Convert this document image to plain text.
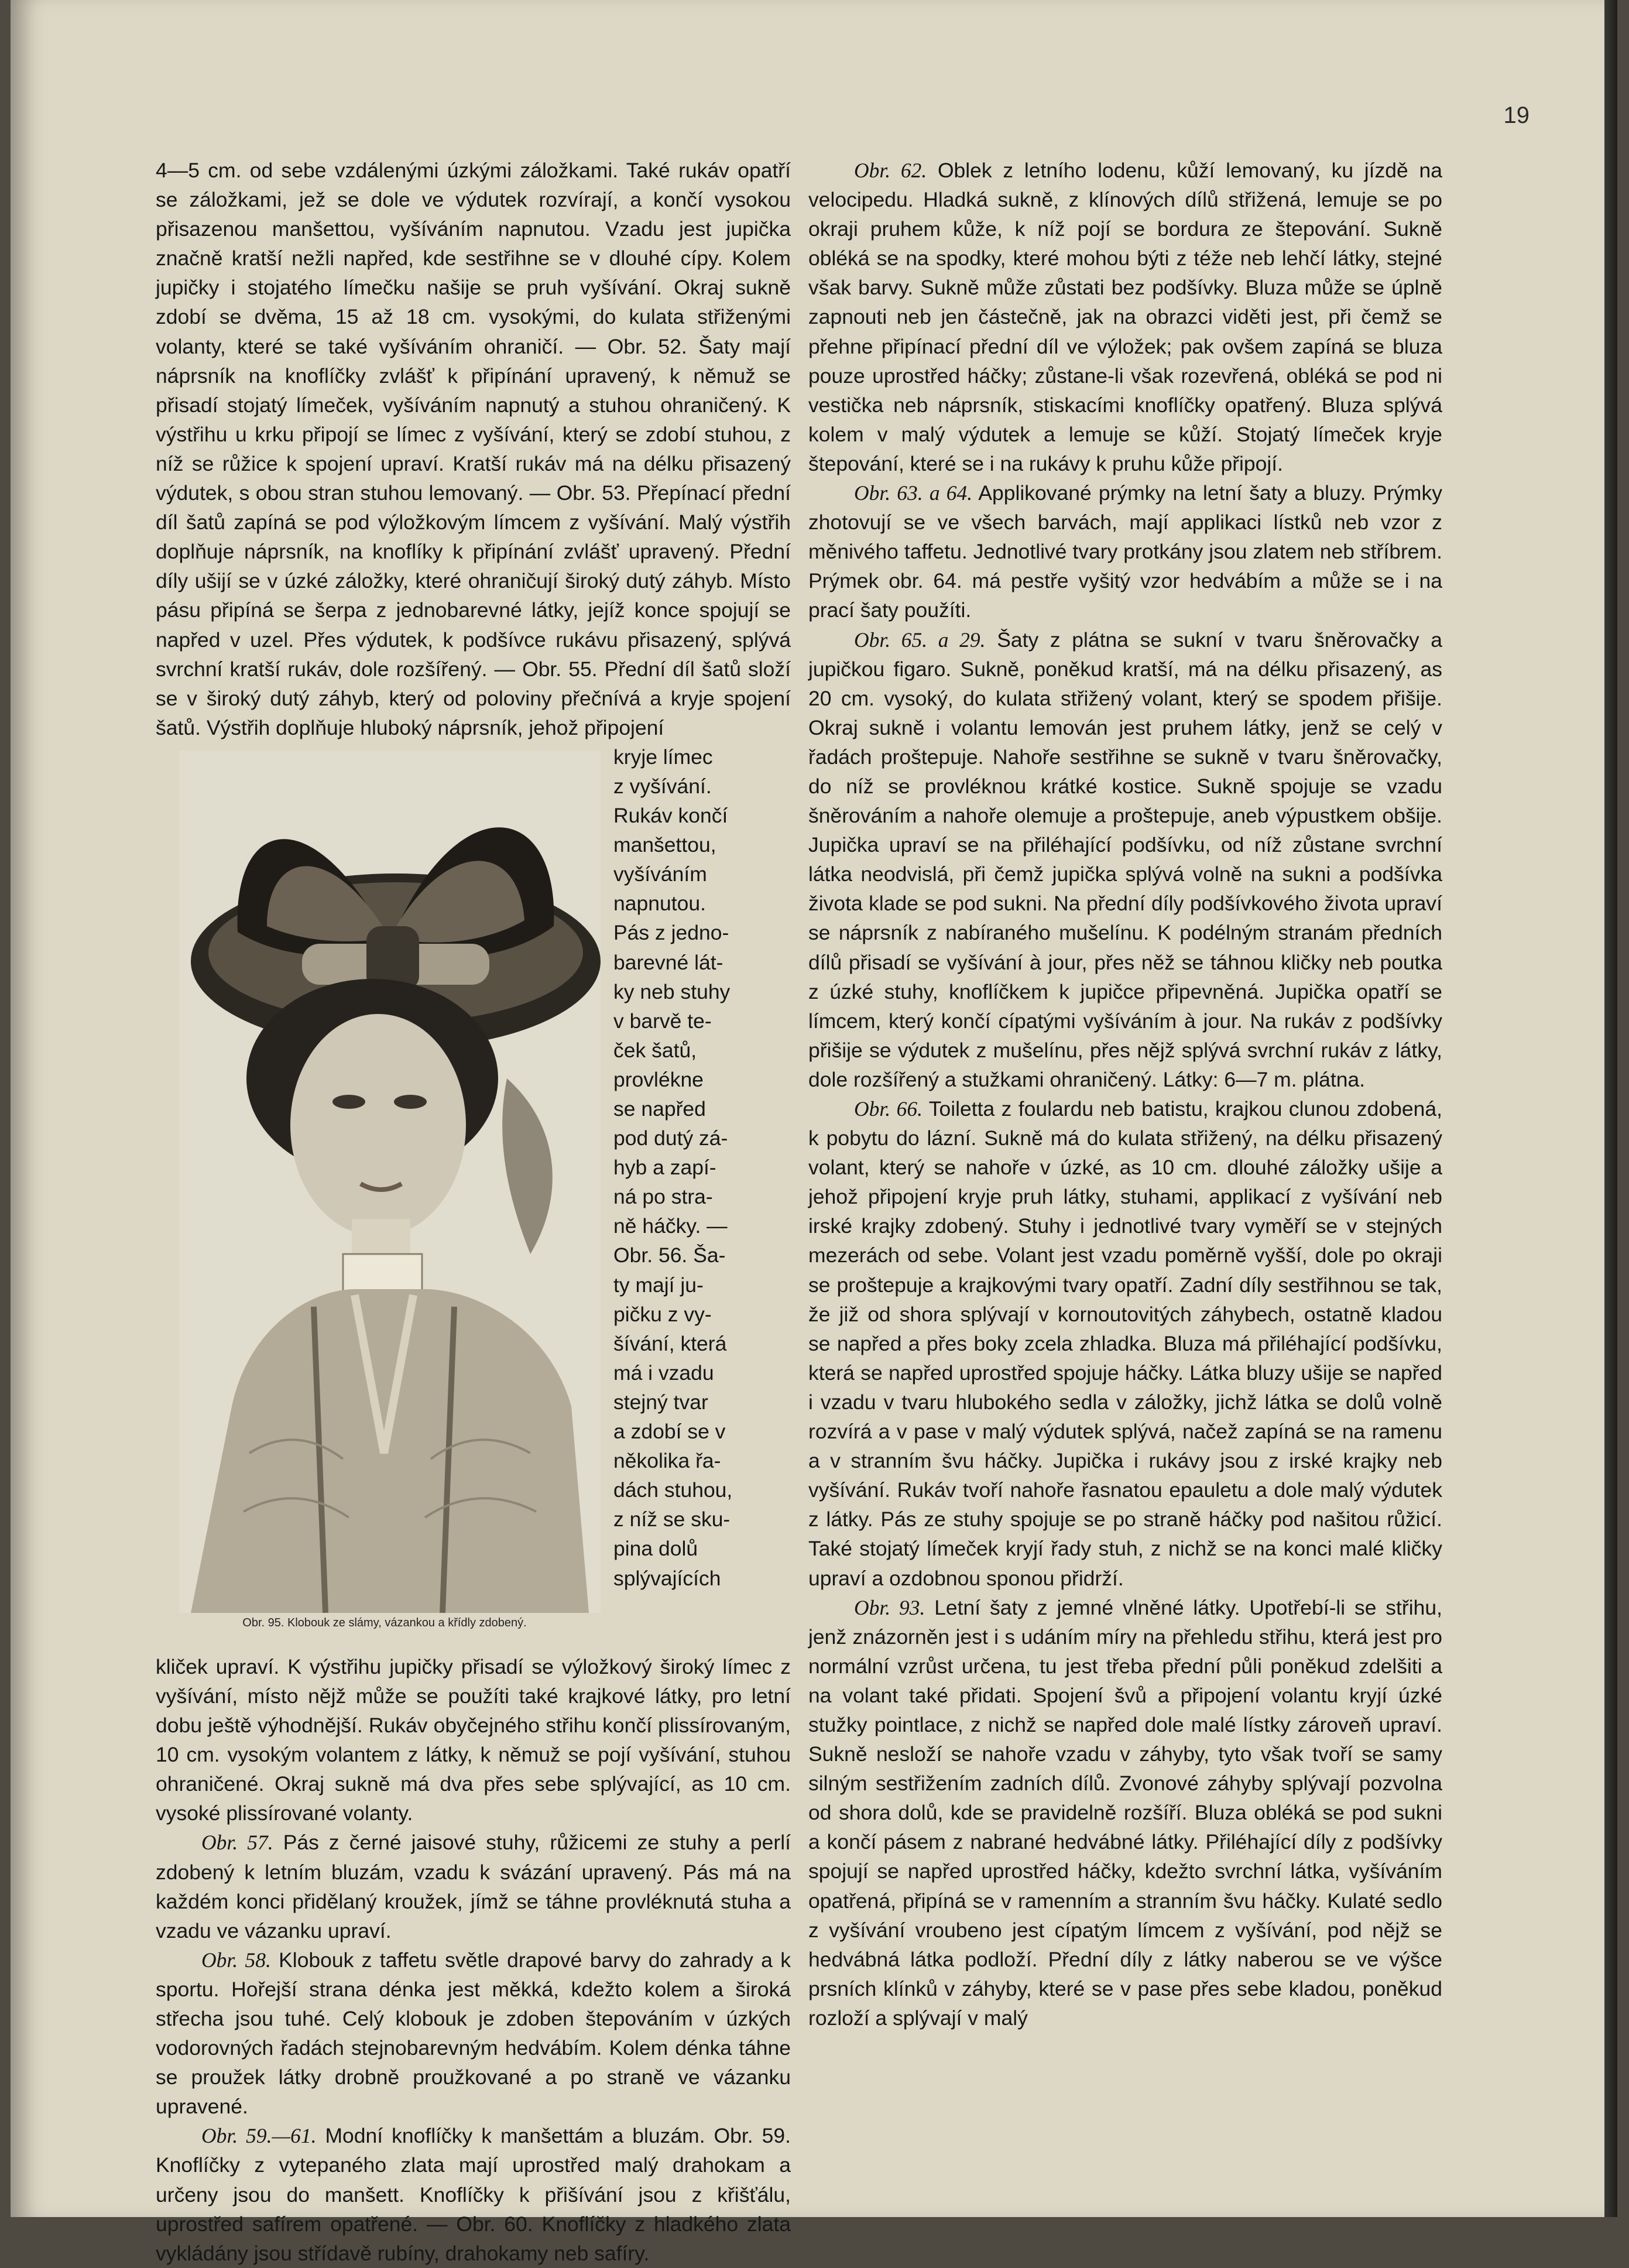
19

4—5 cm. od sebe vzdálenými úzkými záložkami. Také rukáv opatří se záložkami, jež se dole ve výdutek rozvírají, a končí vysokou přisazenou manšettou, vyšíváním napnutou. Vzadu jest jupička značně kratší nežli napřed, kde sestřihne se v dlouhé cípy. Kolem jupičky i stojatého límečku našije se pruh vyšívání. Okraj sukně zdobí se dvěma, 15 až 18 cm. vysokými, do kulata střiženými volanty, které se také vyšíváním ohraničí. — Obr. 52. Šaty mají náprsník na knoflíčky zvlášť k připínání upravený, k němuž se přisadí stojatý límeček, vyšíváním napnutý a stuhou ohraničený. K výstřihu u krku připojí se límec z vyšívání, který se zdobí stuhou, z níž se růžice k spojení upraví. Kratší rukáv má na délku přisazený výdutek, s obou stran stuhou lemovaný. — Obr. 53. Přepínací přední díl šatů zapíná se pod výložkovým límcem z vyšívání. Malý výstřih doplňuje náprsník, na knoflíky k připínání zvlášť upravený. Přední díly ušijí se v úzké záložky, které ohraničují široký dutý záhyb. Místo pásu připíná se šerpa z jednobarevné látky, jejíž konce spojují se napřed v uzel. Přes výdutek, k podšívce rukávu přisazený, splývá svrchní kratší rukáv, dole rozšířený. — Obr. 55. Přední díl šatů složí se v široký dutý záhyb, který od poloviny přečnívá a kryje spojení šatů. Výstřih doplňuje hluboký náprsník, jehož připojení

Obr. 95. Klobouk ze slámy, vázankou a křídly zdobený.
kryje límec
z vyšívání.
Rukáv končí
manšettou,
vyšíváním
napnutou.
Pás z jedno-
barevné lát-
ky neb stuhy
v barvě te-
ček šatů,
provlékne
se napřed
pod dutý zá-
hyb a zapí-
ná po stra-
ně háčky. —
Obr. 56. Ša-
ty mají ju-
pičku z vy-
šívání, která
má i vzadu
stejný tvar
a zdobí se v
několika řa-
dách stuhou,
z níž se sku-
pina dolů
splývajících

kliček upraví. K výstřihu jupičky přisadí se výložkový široký límec z vyšívání, místo nějž může se použíti také krajkové látky, pro letní dobu ještě výhodnější. Rukáv obyčejného střihu končí plissírovaným, 10 cm. vysokým volantem z látky, k němuž se pojí vyšívání, stuhou ohraničené. Okraj sukně má dva přes sebe splývající, as 10 cm. vysoké plissírované volanty.

Obr. 57. Pás z černé jaisové stuhy, růžicemi ze stuhy a perlí zdobený k letním bluzám, vzadu k svázání upravený. Pás má na každém konci přidělaný kroužek, jímž se táhne provléknutá stuha a vzadu ve vázanku upraví.

Obr. 58. Klobouk z taffetu světle drapové barvy do zahrady a k sportu. Hořejší strana dénka jest měkká, kdežto kolem a široká střecha jsou tuhé. Celý klobouk je zdoben štepováním v úzkých vodorovných řadách stejnobarevným hedvábím. Kolem dénka táhne se proužek látky drobně proužkované a po straně ve vázanku upravené.

Obr. 59.—61. Modní knoflíčky k manšettám a bluzám. Obr. 59. Knoflíčky z vytepaného zlata mají uprostřed malý drahokam a určeny jsou do manšett. Knoflíčky k přišívání jsou z křišťálu, uprostřed safírem opatřené. — Obr. 60. Knoflíčky z hladkého zlata vykládány jsou střídavě rubíny, drahokamy neb safíry.

Obr. 62. Oblek z letního lodenu, kůží lemovaný, ku jízdě na velocipedu. Hladká sukně, z klínových dílů střižená, lemuje se po okraji pruhem kůže, k níž pojí se bordura ze štepování. Sukně obléká se na spodky, které mohou býti z téže neb lehčí látky, stejné však barvy. Sukně může zůstati bez podšívky. Bluza může se úplně zapnouti neb jen částečně, jak na obrazci viděti jest, při čemž se přehne připínací přední díl ve výložek; pak ovšem zapíná se bluza pouze uprostřed háčky; zůstane-li však rozevřená, obléká se pod ni vestička neb náprsník, stiskacími knoflíčky opatřený. Bluza splývá kolem v malý výdutek a lemuje se kůží. Stojatý límeček kryje štepování, které se i na rukávy k pruhu kůže připojí.

Obr. 63. a 64. Applikované prýmky na letní šaty a bluzy. Prýmky zhotovují se ve všech barvách, mají applikaci lístků neb vzor z měnivého taffetu. Jednotlivé tvary protkány jsou zlatem neb stříbrem. Prýmek obr. 64. má pestře vyšitý vzor hedvábím a může se i na prací šaty použíti.

Obr. 65. a 29. Šaty z plátna se sukní v tvaru šněrovačky a jupičkou figaro. Sukně, poněkud kratší, má na délku přisazený, as 20 cm. vysoký, do kulata střižený volant, který se spodem přišije. Okraj sukně i volantu lemován jest pruhem látky, jenž se celý v řadách proštepuje. Nahoře sestřihne se sukně v tvaru šněrovačky, do níž se provléknou krátké kostice. Sukně spojuje se vzadu šněrováním a nahoře olemuje a proštepuje, aneb výpustkem obšije. Jupička upraví se na přiléhající podšívku, od níž zůstane svrchní látka neodvislá, při čemž jupička splývá volně na sukni a podšívka života klade se pod sukni. Na přední díly podšívkového života upraví se náprsník z nabíraného mušelínu. K podélným stranám předních dílů přisadí se vyšívání à jour, přes něž se táhnou kličky neb poutka z úzké stuhy, knoflíčkem k jupičce připevněná. Jupička opatří se límcem, který končí cípatými vyšíváním à jour. Na rukáv z podšívky přišije se výdutek z mušelínu, přes nějž splývá svrchní rukáv z látky, dole rozšířený a stužkami ohraničený. Látky: 6—7 m. plátna.

Obr. 66. Toiletta z foulardu neb batistu, krajkou clunou zdobená, k pobytu do lázní. Sukně má do kulata střižený, na délku přisazený volant, který se nahoře v úzké, as 10 cm. dlouhé záložky ušije a jehož připojení kryje pruh látky, stuhami, applikací z vyšívání neb irské krajky zdobený. Stuhy i jednotlivé tvary vyměří se v stejných mezerách od sebe. Volant jest vzadu poměrně vyšší, dole po okraji se proštepuje a krajkovými tvary opatří. Zadní díly sestřihnou se tak, že již od shora splývají v kornoutovitých záhybech, ostatně kladou se napřed a přes boky zcela zhladka. Bluza má přiléhající podšívku, která se napřed uprostřed spojuje háčky. Látka bluzy ušije se napřed i vzadu v tvaru hlubokého sedla v záložky, jichž látka se dolů volně rozvírá a v pase v malý výdutek splývá, načež zapíná se na ramenu a v stranním švu háčky. Jupička i rukávy jsou z irské krajky neb vyšívání. Rukáv tvoří nahoře řasnatou epauletu a dole malý výdutek z látky. Pás ze stuhy spojuje se po straně háčky pod našitou růžicí. Také stojatý límeček kryjí řady stuh, z nichž se na konci malé kličky upraví a ozdobnou sponou přidrží.

Obr. 93. Letní šaty z jemné vlněné látky. Upotřebí-li se střihu, jenž znázorněn jest i s udáním míry na přehledu střihu, která jest pro normální vzrůst určena, tu jest třeba přední půli poněkud zdelšiti a na volant také přidati. Spojení švů a připojení volantu kryjí úzké stužky pointlace, z nichž se napřed dole malé lístky zároveň upraví. Sukně nesloží se nahoře vzadu v záhyby, tyto však tvoří se samy silným sestřižením zadních dílů. Zvonové záhyby splývají pozvolna od shora dolů, kde se pravidelně rozšíří. Bluza obléká se pod sukni a končí pásem z nabrané hedvábné látky. Přiléhající díly z podšívky spojují se napřed uprostřed háčky, kdežto svrchní látka, vyšíváním opatřená, připíná se v ramenním a stranním švu háčky. Kulaté sedlo z vyšívání vroubeno jest cípatým límcem z vyšívání, pod nějž se hedvábná látka podloží. Přední díly z látky naberou se ve výšce prsních klínků v záhyby, které se v pase přes sebe kladou, poněkud rozloží a splývají v malý
